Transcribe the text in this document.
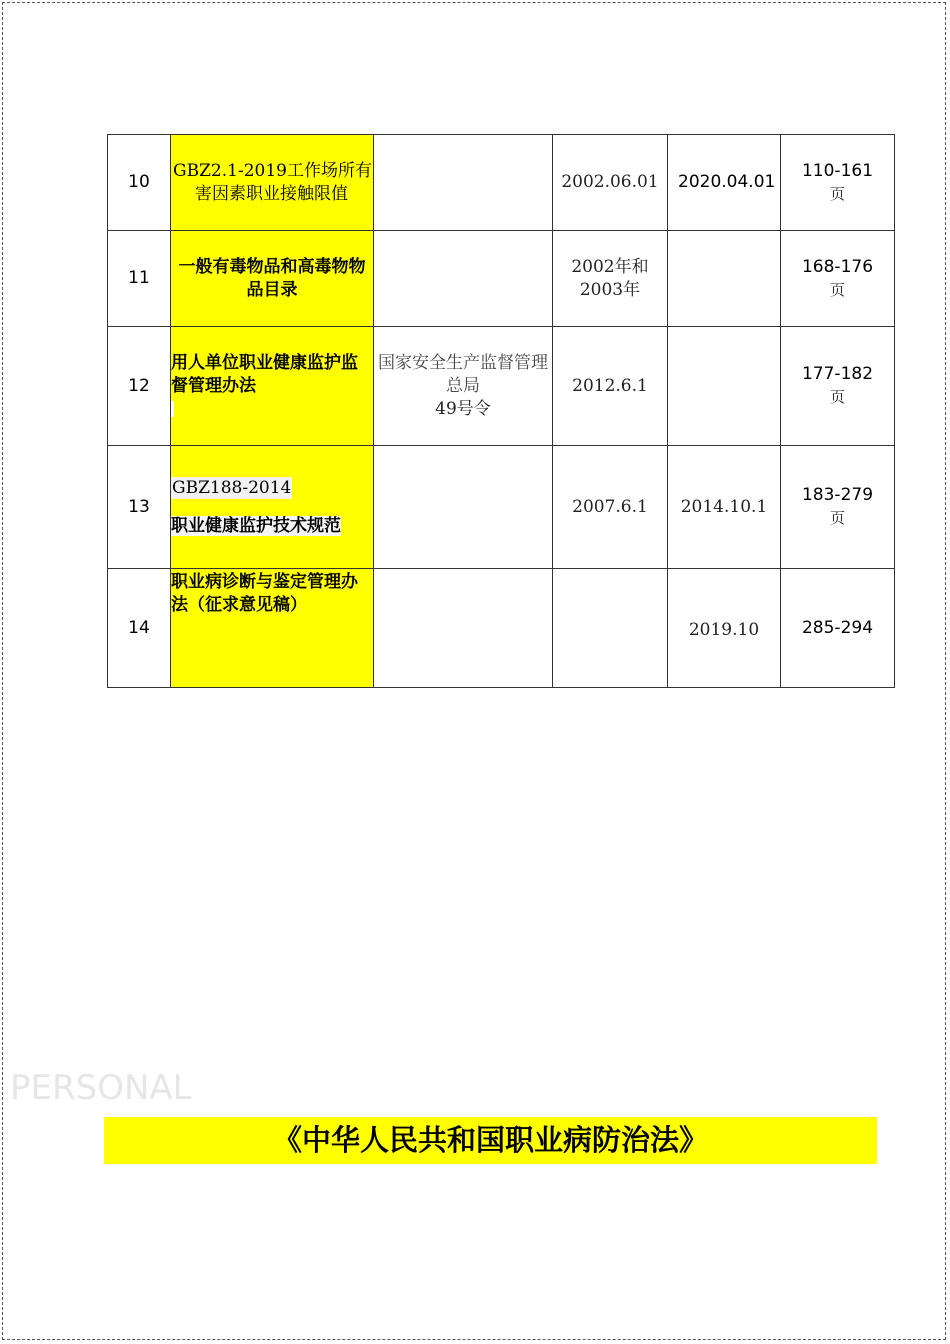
10	GBZ2.1-2019工作场所有害因素职业接触限值		2002.06.01	2020.04.01	110-161
页
11	一般有毒物品和高毒物物品目录		2002年和
2003年		168-176
页
12	用人单位职业健康监护监督管理办法	国家安全生产监督管理总局
49号令	2012.6.1		177-182
页
13	GBZ188-2014
职业健康监护技术规范		2007.6.1	2014.10.1	183-279
页
14	职业病诊断与鉴定管理办法（征求意见稿）			2019.10	285-294
PERSONAL
《中华人民共和国职业病防治法》
